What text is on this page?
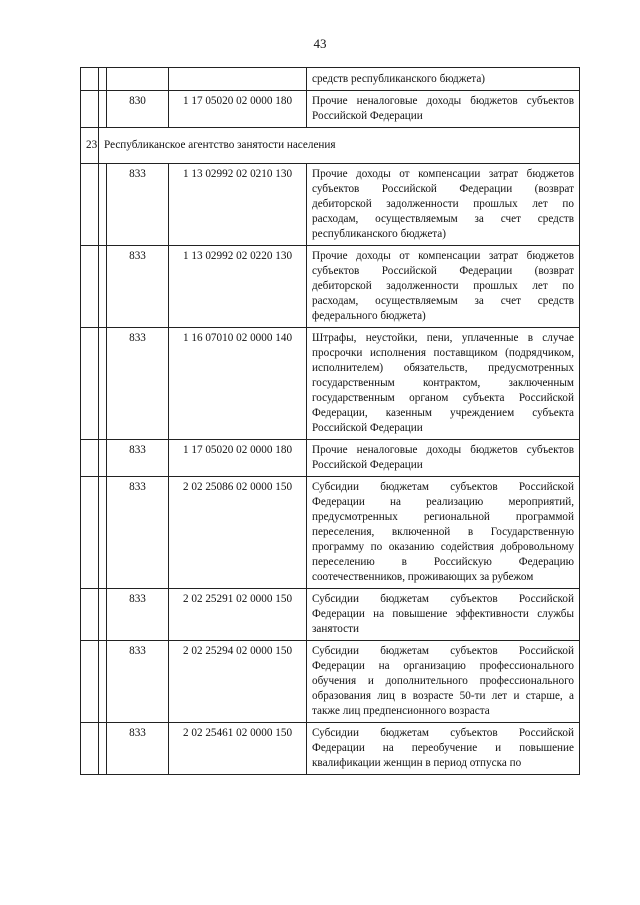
43
				средств республиканского бюджета)
		830	1 17 05020 02 0000 180	Прочие неналоговые доходы бюджетов субъектов Российской Федерации
23	Республиканское агентство занятости населения			
		833	1 13 02992 02 0210 130	Прочие доходы от компенсации затрат бюджетов субъектов Российской Федерации (возврат дебиторской задолженности прошлых лет по расходам, осуществляемым за счет средств республиканского бюджета)
		833	1 13 02992 02 0220 130	Прочие доходы от компенсации затрат бюджетов субъектов Российской Федерации (возврат дебиторской задолженности прошлых лет по расходам, осуществляемым за счет средств федерального бюджета)
		833	1 16 07010 02 0000 140	Штрафы, неустойки, пени, уплаченные в случае просрочки исполнения поставщиком (подрядчиком, исполнителем) обязательств, предусмотренных государственным контрактом, заключенным государственным органом субъекта Российской Федерации, казенным учреждением субъекта Российской Федерации
		833	1 17 05020 02 0000 180	Прочие неналоговые доходы бюджетов субъектов Российской Федерации
		833	2 02 25086 02 0000 150	Субсидии бюджетам субъектов Российской Федерации на реализацию мероприятий, предусмотренных региональной программой переселения, включенной в Государственную программу по оказанию содействия добровольному переселению в Российскую Федерацию соотечественников, проживающих за рубежом
		833	2 02 25291 02 0000 150	Субсидии бюджетам субъектов Российской Федерации на повышение эффективности службы занятости
		833	2 02 25294 02 0000 150	Субсидии бюджетам субъектов Российской Федерации на организацию профессионального обучения и дополнительного профессионального образования лиц в возрасте 50-ти лет и старше, а также лиц предпенсионного возраста
		833	2 02 25461 02 0000 150	Субсидии бюджетам субъектов Российской Федерации на переобучение и повышение квалификации женщин в период отпуска по
